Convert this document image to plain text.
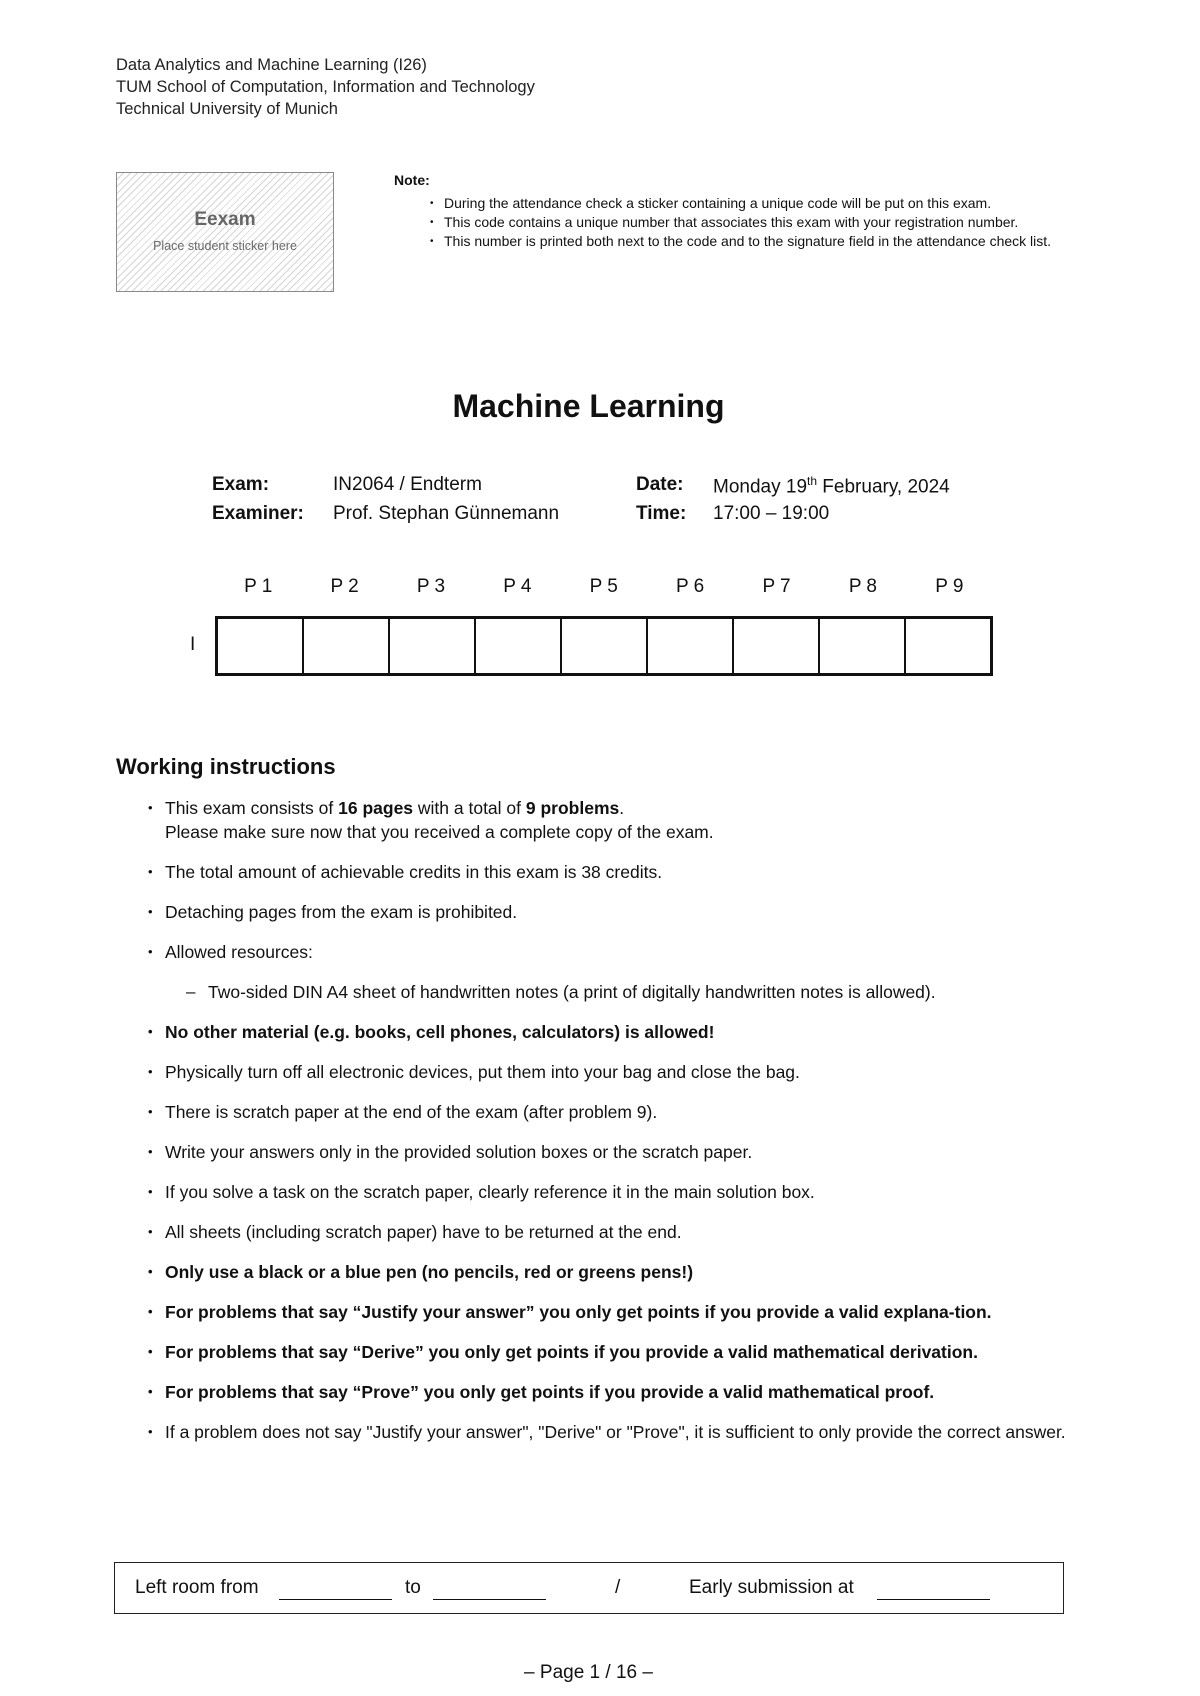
Data Analytics and Machine Learning (I26)
TUM School of Computation, Information and Technology
Technical University of Munich
Eexam
Place student sticker here
Note:
• During the attendance check a sticker containing a unique code will be put on this exam.
• This code contains a unique number that associates this exam with your registration number.
• This number is printed both next to the code and to the signature field in the attendance check list.
Machine Learning
Exam:	IN2064 / Endterm
Examiner: Prof. Stephan Günnemann
Date: Monday 19th February, 2024
Time: 17:00 – 19:00
P 1	P 2	P 3	P 4	P 5	P 6	P 7	P 8	P 9
I
Working instructions
• This exam consists of 16 pages with a total of 9 problems.
Please make sure now that you received a complete copy of the exam.
• The total amount of achievable credits in this exam is 38 credits.
• Detaching pages from the exam is prohibited.
• Allowed resources:
– Two-sided DIN A4 sheet of handwritten notes (a print of digitally handwritten notes is allowed).
• No other material (e.g. books, cell phones, calculators) is allowed!
• Physically turn off all electronic devices, put them into your bag and close the bag.
• There is scratch paper at the end of the exam (after problem 9).
• Write your answers only in the provided solution boxes or the scratch paper.
• If you solve a task on the scratch paper, clearly reference it in the main solution box.
• All sheets (including scratch paper) have to be returned at the end.
• Only use a black or a blue pen (no pencils, red or greens pens!)
• For problems that say “Justify your answer” you only get points if you provide a valid explana-tion.
• For problems that say “Derive” you only get points if you provide a valid mathematical derivation.
• For problems that say “Prove” you only get points if you provide a valid mathematical proof.
• If a problem does not say "Justify your answer", "Derive" or "Prove", it is sufficient to only provide the correct answer.
Left room from	to	/	Early submission at
– Page 1 / 16 –
